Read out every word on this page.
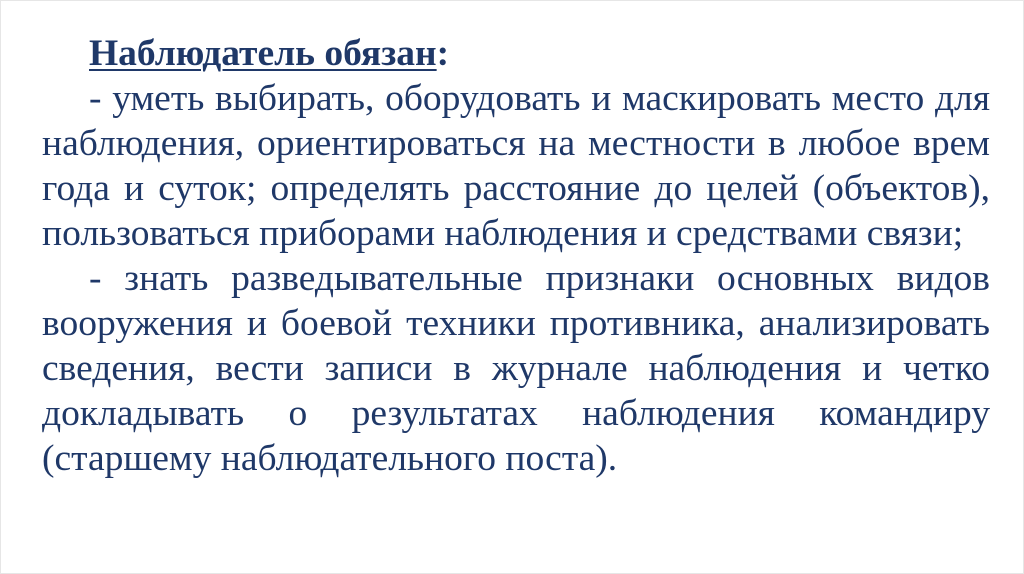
Наблюдатель обязан:

- уметь выбирать, оборудовать и маскировать место для наблюдения, ориентироваться на местности в любое врем года и суток; определять расстояние до целей (объектов), пользоваться приборами наблюдения и средствами связи;

- знать разведывательные признаки основных видов вооружения и боевой техники противника, анализировать сведения, вести записи в журнале наблюдения и четко докладывать о результатах наблюдения командиру (старшему наблюдательного поста).
